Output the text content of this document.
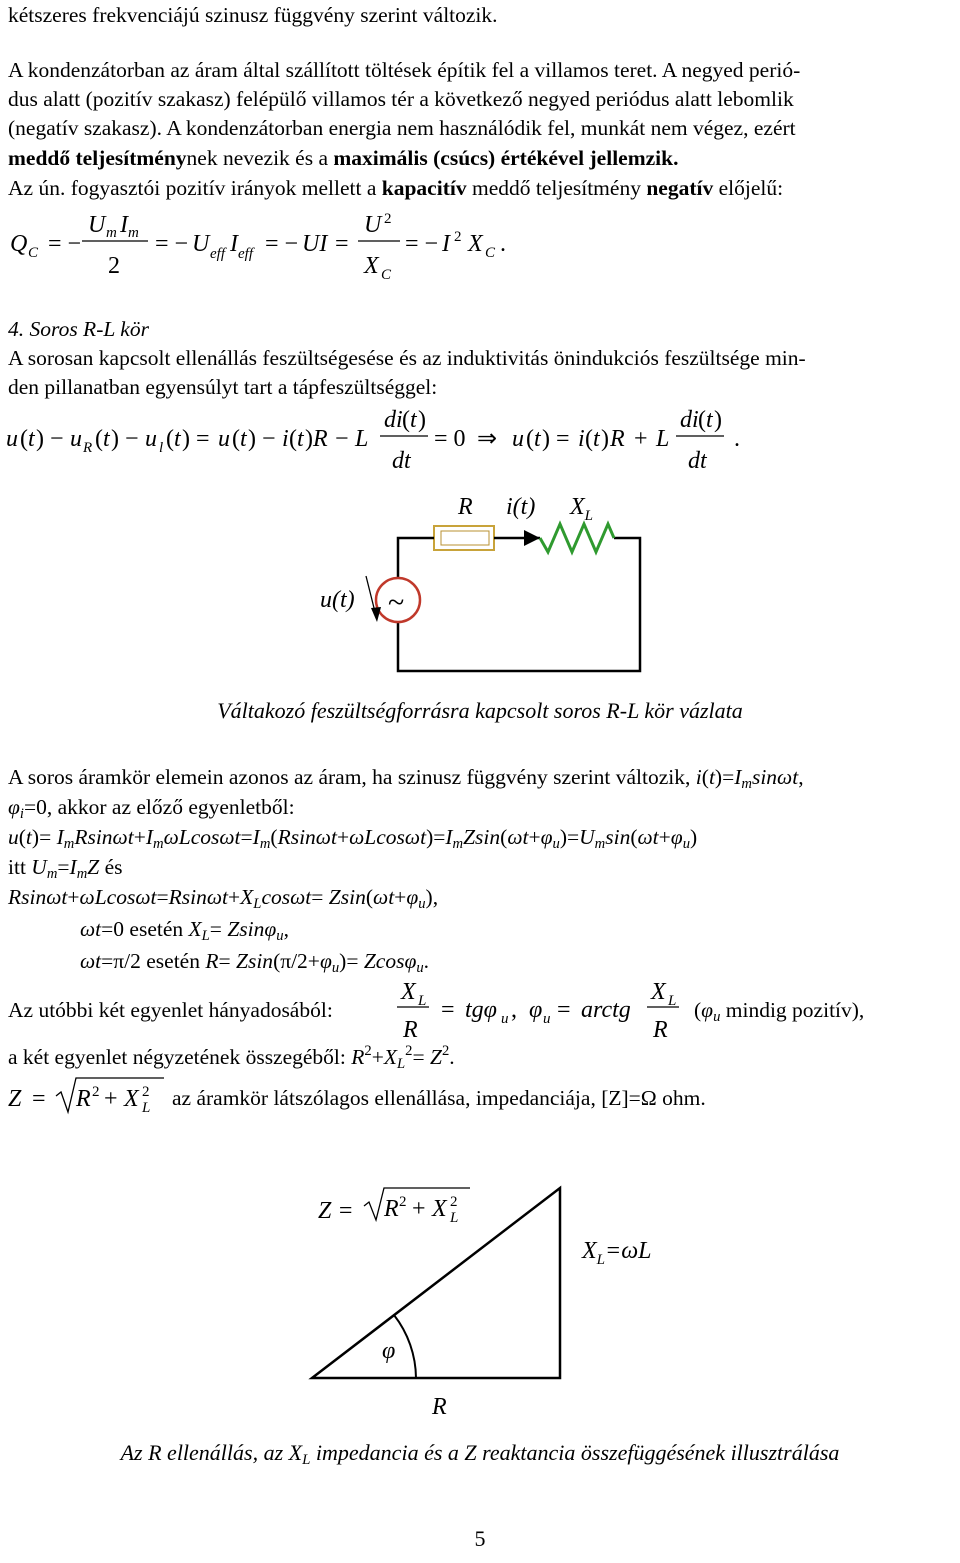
kétszeres frekvenciájú szinusz függvény szerint változik.
A kondenzátorban az áram által szállított töltések építik fel a villamos teret. A negyed perió-
dus alatt (pozitív szakasz) felépülő villamos tér a következő negyed periódus alatt lebomlik
(negatív szakasz). A kondenzátorban energia nem használódik fel, munkát nem végez, ezért
meddő teljesítménynek nevezik és a maximális (csúcs) értékével jellemzik.
Az ún. fogyasztói pozitív irányok mellett a kapacitív meddő teljesítmény negatív előjelű:
Q C = −
U m I m
2
= − U eff I eff = − UI =
U 2
X C
= − I 2 X C .
4. Soros R-L kör
A sorosan kapcsolt ellenállás feszültségesése és az induktivitás önindukciós feszültsége min-
den pillanatban egyensúlyt tart a tápfeszültséggel:
u ( t ) − u R ( t ) − u l ( t ) = u ( t ) − i ( t ) R − L
di ( t )
dt
= 0 ⇒ u ( t ) = i ( t ) R + L
di ( t )
dt
.
R i(t) $X_L$
~
u(t)
Váltakozó feszültségforrásra kapcsolt soros R-L kör vázlata
A soros áramkör elemein azonos az áram, ha szinusz függvény szerint változik, $i(t)=I_m\sin\omega t$,
$\varphi_i=0$, akkor az előző egyenletből:
$u(t)= I_mRsin\omega t+I_m\omega Lcos\omega t=I_m(Rsin\omega t+\omega Lcos\omega t)=I_mZsin(\omega t+\varphi_u)=U_m\sin(\omega t+\varphi_u)$
itt $U_m=I_mZ$ és
$Rsin\omega t+\omega Lcos\omega t=Rsin\omega t+X_L\cos\omega t= Zsin(\omega t+\varphi_u)$,
ωt=0 esetén $X_L= Zsin\varphi_u$,
ωt=π/2 esetén $R= Zsin(\pi/2+\varphi_u)= Zcos\varphi_u$.
Az utóbbi két egyenlet hányadosából:
X L
R
= tgφ u , φ u = arctg
X L
R
($\varphi_u$ mindig pozitív),
a két egyenlet négyzetének összegéből: $R^2+X_L^2= Z^2$.
Z = R 2 + X 2
L az áramkör látszólagos ellenállása, impedanciája, [Z]=Ω ohm.
Z = R 2 + X 2
L
$X_L=\omega L$
φ
R
Az R ellenállás, az $X_L$ impedancia és a Z reaktancia összefüggésének illusztrálása
5
